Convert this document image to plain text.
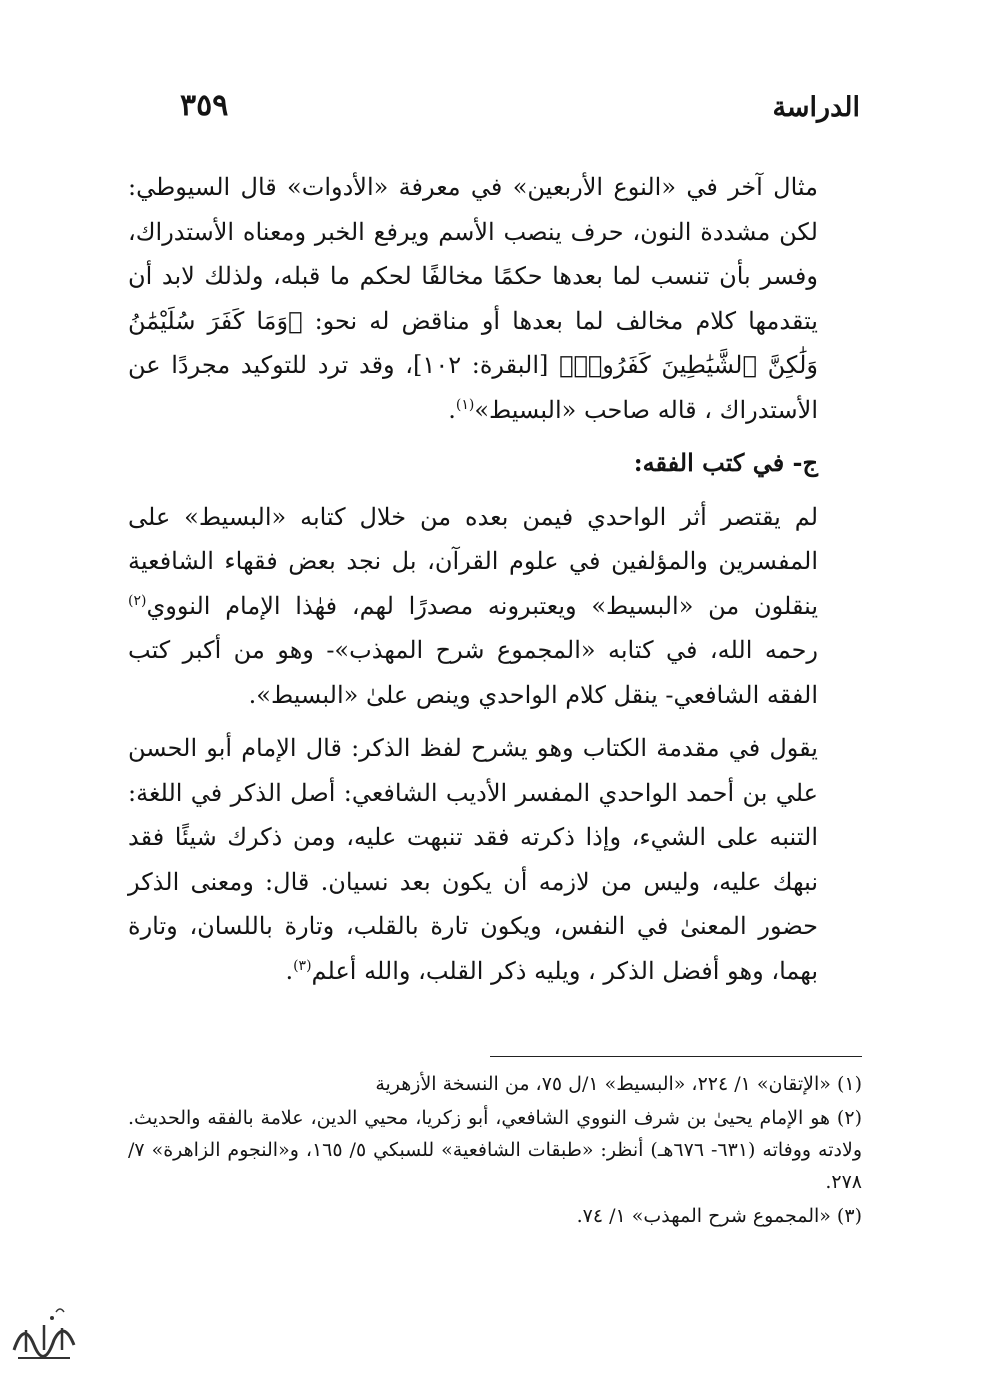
الدراسة
٣٥٩

مثال آخر في «النوع الأربعين» في معرفة «الأدوات» قال السيوطي: لكن مشددة النون، حرف ينصب الأسم ويرفع الخبر ومعناه الأستدراك، وفسر بأن تنسب لما بعدها حكمًا مخالفًا لحكم ما قبله، ولذلك لابد أن يتقدمها كلام مخالف لما بعدها أو مناقض له نحو: ﴿وَمَا كَفَرَ سُلَيْمَٰنُ وَلَٰكِنَّ ٱلشَّيَٰطِينَ كَفَرُوا۟﴾ [البقرة: ١٠٢]، وقد ترد للتوكيد مجردًا عن الأستدراك ، قاله صاحب «البسيط»$^{(١)}$.

ج- في كتب الفقه:

لم يقتصر أثر الواحدي فيمن بعده من خلال كتابه «البسيط» على المفسرين والمؤلفين في علوم القرآن، بل نجد بعض فقهاء الشافعية ينقلون من «البسيط» ويعتبرونه مصدرًا لهم، فهٰذا الإمام النووي$^{(٢)}$ رحمه الله، في كتابه «المجموع شرح المهذب»- وهو من أكبر كتب الفقه الشافعي- ينقل كلام الواحدي وينص علىٰ «البسيط».

يقول في مقدمة الكتاب وهو يشرح لفظ الذكر: قال الإمام أبو الحسن علي بن أحمد الواحدي المفسر الأديب الشافعي: أصل الذكر في اللغة: التنبه على الشيء، وإذا ذكرته فقد تنبهت عليه، ومن ذكرك شيئًا فقد نبهك عليه، وليس من لازمه أن يكون بعد نسيان. قال: ومعنى الذكر حضور المعنىٰ في النفس، ويكون تارة بالقلب، وتارة باللسان، وتارة بهما، وهو أفضل الذكر ، ويليه ذكر القلب، والله أعلم$^{(٣)}$.

(١) «الإتقان» ١/ ٢٢٤، «البسيط» ١/ل ٧٥، من النسخة الأزهرية

(٢) هو الإمام يحيىٰ بن شرف النووي الشافعي، أبو زكريا، محيي الدين، علامة بالفقه والحديث. ولادته ووفاته (٦٣١- ٦٧٦هـ) أنظر: «طبقات الشافعية» للسبكي ٥/ ١٦٥، و«النجوم الزاهرة» ٧/ ٢٧٨.

(٣) «المجموع شرح المهذب» ١/ ٧٤.
